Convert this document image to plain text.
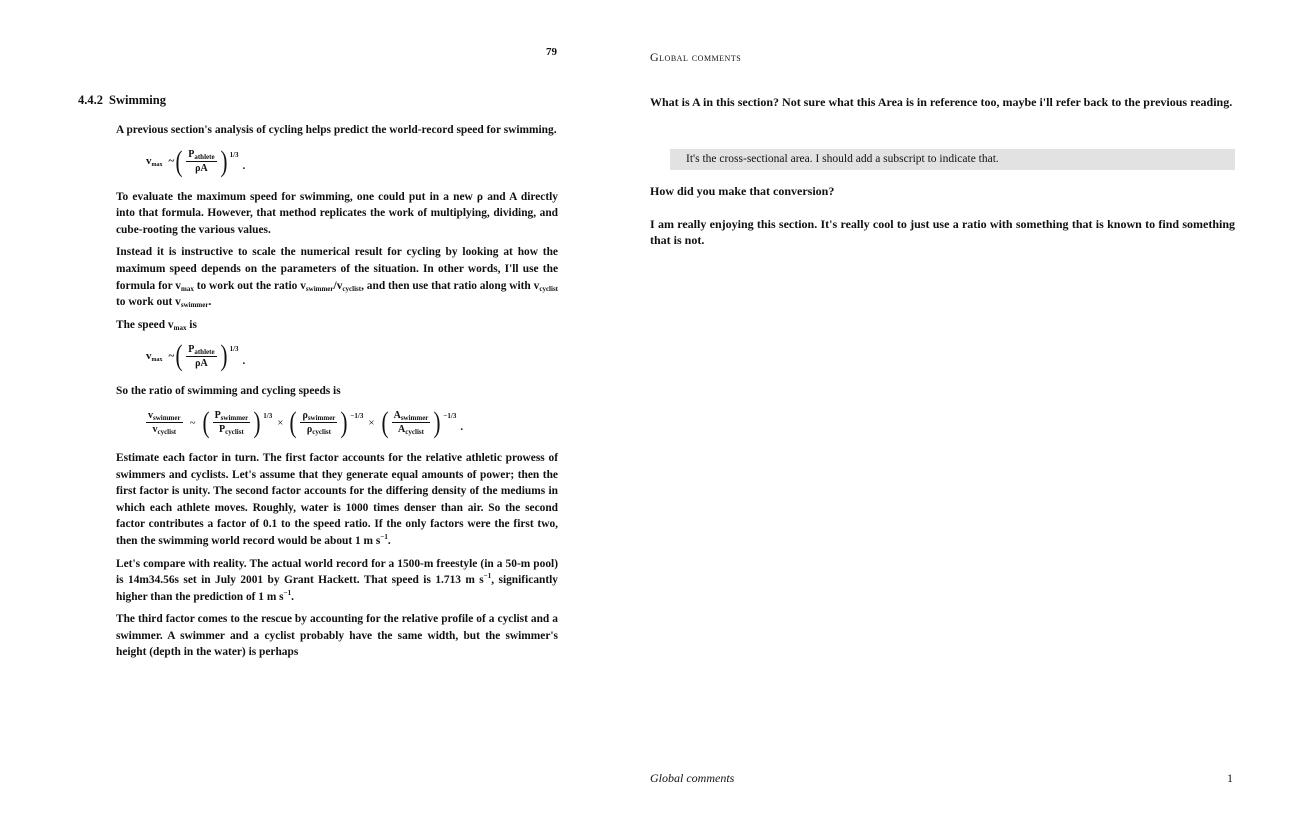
79
4.4.2 Swimming

A previous section's analysis of cycling helps predict the world-record speed for swimming.

$v_{max}$ ~ ( $\frac{P_{athlete}}{\rho A}$ ) 1/3
.

To evaluate the maximum speed for swimming, one could put in a new ρ and A directly into that formula. However, that method replicates the work of multiplying, dividing, and cube-rooting the various values.

Instead it is instructive to scale the numerical result for cycling by looking at how the maximum speed depends on the parameters of the situation. In other words, I'll use the formula for $v_{max}$ to work out the ratio $v_{swimmer}/v_{cyclist}$, and then use that ratio along with $v_{cyclist}$ to work out $v_{swimmer}$.

The speed $v_{max}$ is

$v_{max}$ ~ ( $\frac{P_{athlete}}{\rho A}$ ) 1/3
.

So the ratio of swimming and cycling speeds is

$\frac{v_{swimmer}}{v_{cyclist}}$ ~ ( $\frac{P_{swimmer}}{P_{cyclist}}$ ) 1/3
× ( $\frac{\rho_{swimmer}}{\rho_{cyclist}}$ ) −1/3
× ( $\frac{A_{swimmer}}{A_{cyclist}}$ ) −1/3
.

Estimate each factor in turn. The first factor accounts for the relative athletic prowess of swimmers and cyclists. Let's assume that they generate equal amounts of power; then the first factor is unity. The second factor accounts for the differing density of the mediums in which each athlete moves. Roughly, water is 1000 times denser than air. So the second factor contributes a factor of 0.1 to the speed ratio. If the only factors were the first two, then the swimming world record would be about 1 m $s^{-1}$.

Let's compare with reality. The actual world record for a 1500-m freestyle (in a 50-m pool) is 14m34.56s set in July 2001 by Grant Hackett. That speed is 1.713 m $s^{-1}$, significantly higher than the prediction of 1 m $s^{-1}$.

The third factor comes to the rescue by accounting for the relative profile of a cyclist and a swimmer. A swimmer and a cyclist probably have the same width, but the swimmer's height (depth in the water) is perhaps

Global comments
What is A in this section? Not sure what this Area is in reference too, maybe i'll refer back to the previous reading.
It's the cross-sectional area. I should add a subscript to indicate that.
How did you make that conversion?
I am really enjoying this section. It's really cool to just use a ratio with something that is known to find something that is not.
Global comments	1
